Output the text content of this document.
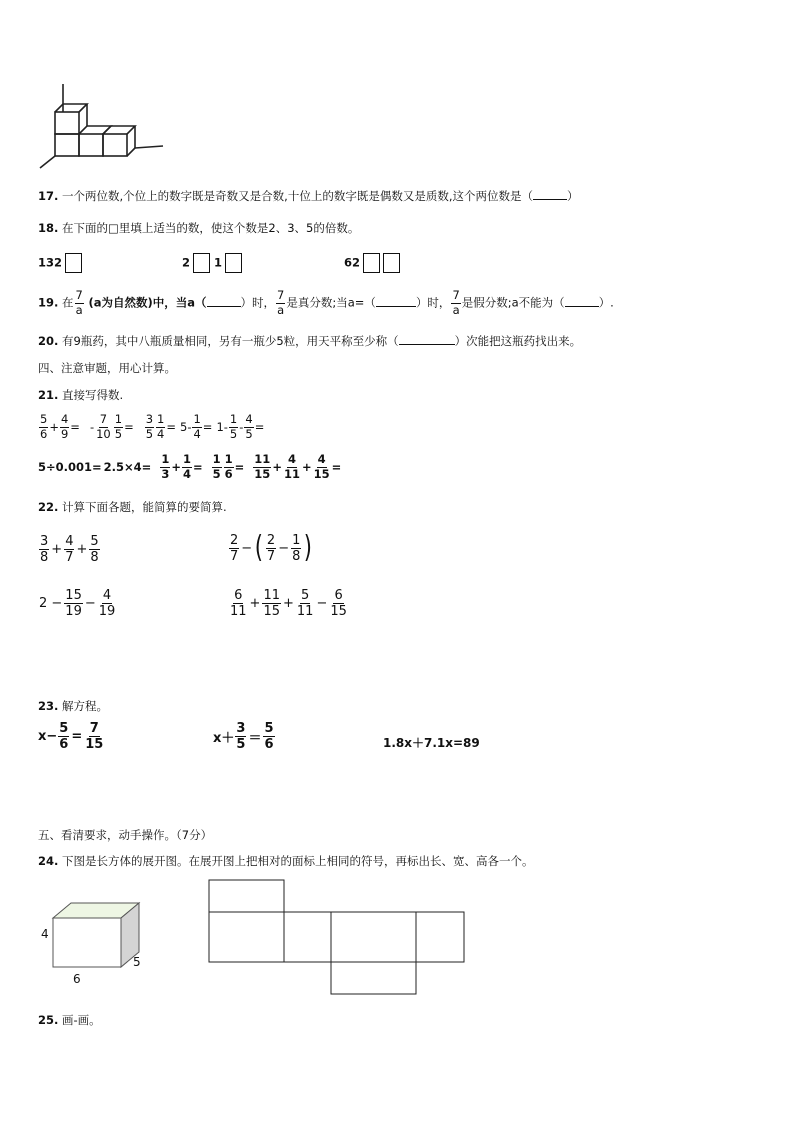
17. 一个两位数,个位上的数字既是奇数又是合数,十位上的数字既是偶数又是质数,这个两位数是（	）
18. 在下面的□里填上适当的数，使这个数是2、3、5的倍数。
132	2 1	62
19. 在 $\frac{7}{a} (a$为自然数)中，当a（	）时， $\frac{7}{a}$ 是真分数;当a=（	）时， $\frac{7}{a}$ 是假分数;a不能为（	）.
20. 有9瓶药，其中八瓶质量相同，另有一瓶少5粒，用天平称至少称（	）次能把这瓶药找出来。
四、注意审题，用心计算。
21. 直接写得数.
$\frac{5}{6} + \frac{4}{9}$ = - $\frac{7}{10} \frac{1}{5} = \frac{3}{5} \frac{1}{4} = 5- \frac{1}{4} = 1- \frac{1}{5} - \frac{4}{5}$ =
$5\div 0.001= 2.5\times 4= \frac{1}{3} + \frac{1}{4} = \frac{1}{5} \frac{1}{6} = \frac{11}{15} + \frac{4}{11} + \frac{4}{15}$ =
22. 计算下面各题，能简算的要简算.
$\frac{3}{8} + \frac{4}{7} + \frac{5}{8}$	$\frac{2}{7}$ − ( $\frac{2}{7} - \frac{1}{8}$ )
$2 - \frac{15}{19} - \frac{4}{19}$	$\frac{6}{11} + \frac{11}{15} + \frac{5}{11} - \frac{6}{15}$
23. 解方程。
$x- \frac{5}{6} = \frac{7}{15}$	$x+ \frac{3}{5} = \frac{5}{6}$	1.8x＋7.1x=89
五、看清要求，动手操作。（7分）
24. 下图是长方体的展开图。在展开图上把相对的面标上相同的符号，再标出长、宽、高各一个。
4
6
5
25. 画-画。
